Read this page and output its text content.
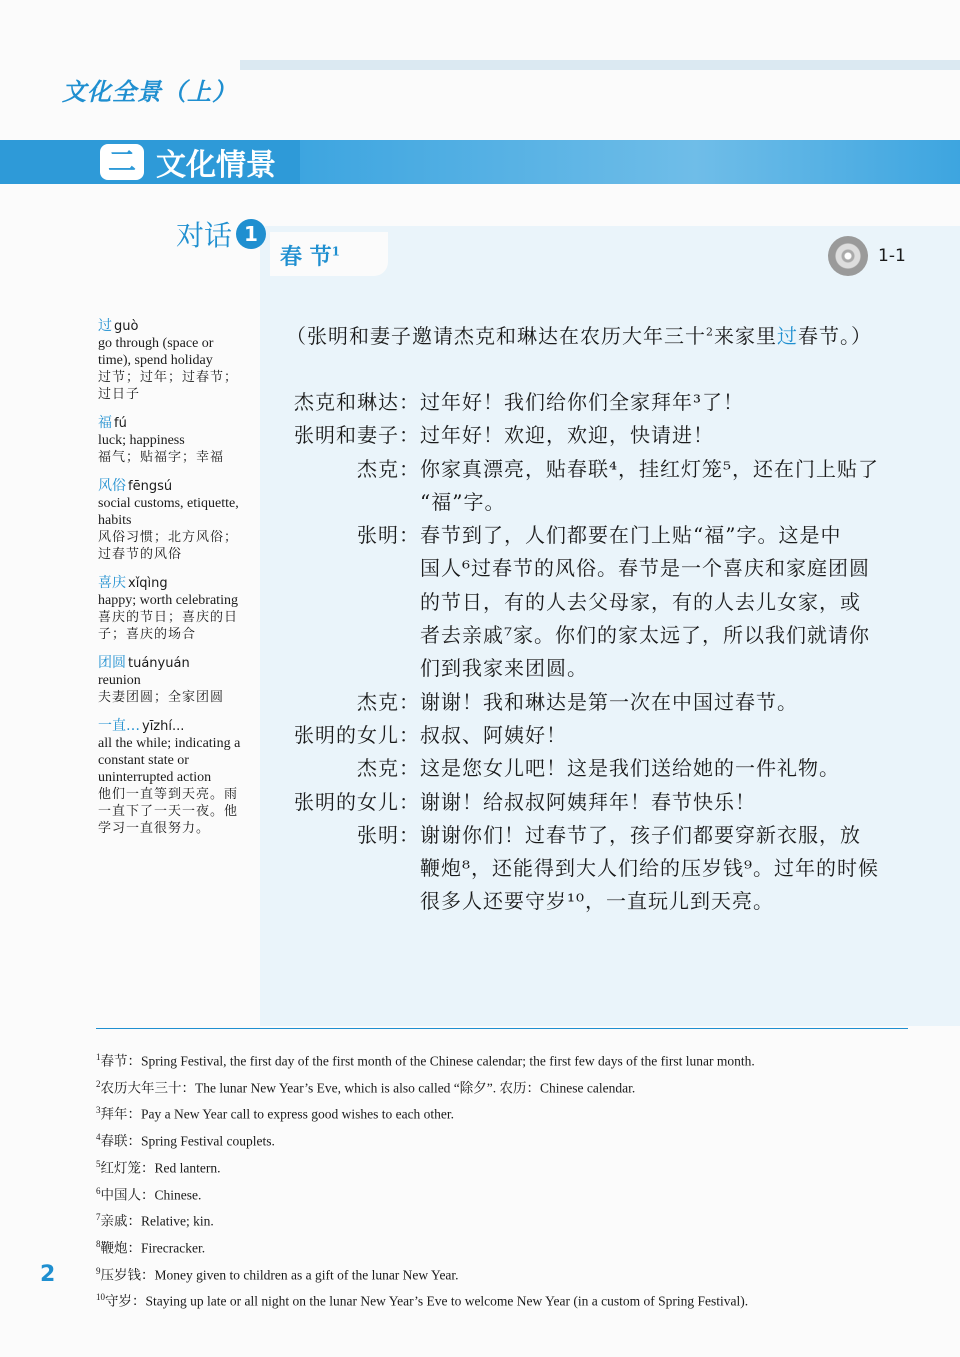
文化全景（上）
二 文化情景
对话 1
春 节$^1$	1-1
（张明和妻子邀请杰克和琳达在农历大年三十$^2$来家里过春节。）
杰克和琳达： 过年好！我们给你们全家拜年³了！
张明和妻子： 过年好！欢迎，欢迎，快请进！
杰克： 你家真漂亮，贴春联⁴，挂红灯笼⁵，还在门上贴了
“福”字。
张明： 春节到了，人们都要在门上贴“福”字。这是中
国人⁶过春节的风俗。春节是一个喜庆和家庭团圆
的节日，有的人去父母家，有的人去儿女家，或
者去亲戚⁷家。你们的家太远了，所以我们就请你
们到我家来团圆。
杰克： 谢谢！我和琳达是第一次在中国过春节。
张明的女儿： 叔叔、阿姨好！
杰克： 这是您女儿吧！这是我们送给她的一件礼物。
张明的女儿： 谢谢！给叔叔阿姨拜年！春节快乐！
张明： 谢谢你们！过春节了，孩子们都要穿新衣服，放
鞭炮⁸，还能得到大人们给的压岁钱⁹。过年的时候
很多人还要守岁¹⁰，一直玩儿到天亮。
过 guò
go through (space or time), spend holiday
过节；过年；过春节；过日子
福 fú
luck; happiness
福气；贴福字；幸福
风俗 fēngsú
social customs, etiquette, habits
风俗习惯；北方风俗；过春节的风俗
喜庆 xǐqìng
happy; worth celebrating
喜庆的节日；喜庆的日子；喜庆的场合
团圆 tuányuán
reunion
夫妻团圆；全家团圆
一直… yīzhí...
all the while; indicating a constant state or uninterrupted action
他们一直等到天亮。雨一直下了一天一夜。他学习一直很努力。
$^1$春节：Spring Festival, the first day of the first month of the Chinese calendar; the first few days of the first lunar month.
$^2$农历大年三十：The lunar New Year’s Eve, which is also called “除夕”. 农历：Chinese calendar.
$^3$拜年：Pay a New Year call to express good wishes to each other.
$^4$春联：Spring Festival couplets.
$^5$红灯笼：Red lantern.
$^6$中国人：Chinese.
$^7$亲戚：Relative; kin.
$^8$鞭炮：Firecracker.
$^9$压岁钱：Money given to children as a gift of the lunar New Year.
$^{10}$守岁：Staying up late or all night on the lunar New Year’s Eve to welcome New Year (in a custom of Spring Festival).
2
